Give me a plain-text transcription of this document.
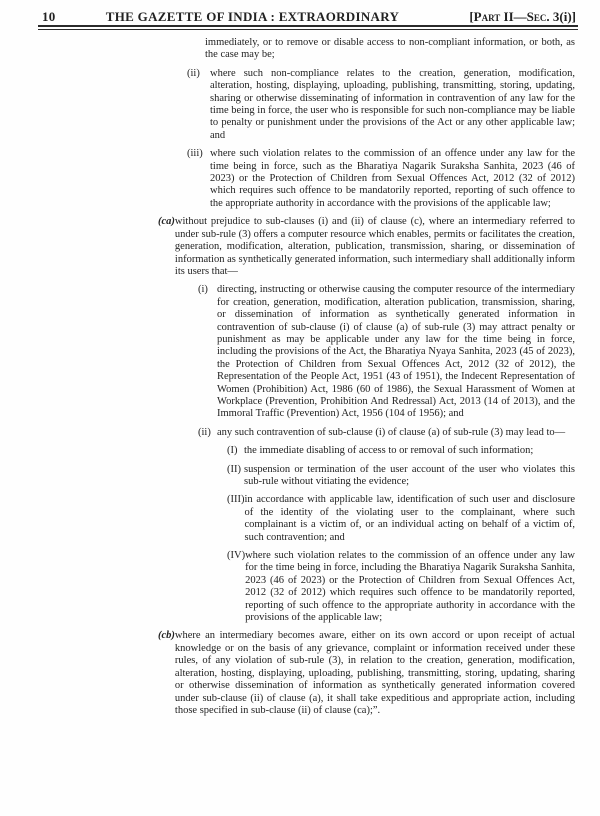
10	THE GAZETTE OF INDIA : EXTRAORDINARY	[Part II—Sec. 3(i)]
immediately, or to remove or disable access to non-compliant information, or both, as the case may be;
(ii) where such non-compliance relates to the creation, generation, modification, alteration, hosting, displaying, uploading, publishing, transmitting, storing, updating, sharing or otherwise disseminating of information in contravention of any law for the time being in force, the user who is responsible for such non-compliance may be liable to penalty or punishment under the provisions of the Act or any other applicable law; and
(iii) where such violation relates to the commission of an offence under any law for the time being in force, such as the Bharatiya Nagarik Suraksha Sanhita, 2023 (46 of 2023) or the Protection of Children from Sexual Offences Act, 2012 (32 of 2012) which requires such offence to be mandatorily reported, reporting of such offence to the appropriate authority in accordance with the provisions of the applicable law;
(ca) without prejudice to sub-clauses (i) and (ii) of clause (c), where an intermediary referred to under sub-rule (3) offers a computer resource which enables, permits or facilitates the creation, generation, modification, alteration, publication, transmission, sharing, or dissemination of information as synthetically generated information, such intermediary shall additionally inform its users that—
(i) directing, instructing or otherwise causing the computer resource of the intermediary for creation, generation, modification, alteration publication, transmission, sharing, or dissemination of information as synthetically generated information in contravention of sub-clause (i) of clause (a) of sub-rule (3) may attract penalty or punishment as may be applicable under any law for the time being in force, including the provisions of the Act, the Bharatiya Nyaya Sanhita, 2023 (45 of 2023), the Protection of Children from Sexual Offences Act, 2012 (32 of 2012), the Representation of the People Act, 1951 (43 of 1951), the Indecent Representation of Women (Prohibition) Act, 1986 (60 of 1986), the Sexual Harassment of Women at Workplace (Prevention, Prohibition And Redressal) Act, 2013 (14 of 2013), and the Immoral Traffic (Prevention) Act, 1956 (104 of 1956); and
(ii) any such contravention of sub-clause (i) of clause (a) of sub-rule (3) may lead to—
(I) the immediate disabling of access to or removal of such information;
(II) suspension or termination of the user account of the user who violates this sub-rule without vitiating the evidence;
(III) in accordance with applicable law, identification of such user and disclosure of the identity of the violating user to the complainant, where such complainant is a victim of, or an individual acting on behalf of a victim of, such contravention; and
(IV) where such violation relates to the commission of an offence under any law for the time being in force, including the Bharatiya Nagarik Suraksha Sanhita, 2023 (46 of 2023) or the Protection of Children from Sexual Offences Act, 2012 (32 of 2012) which requires such offence to be mandatorily reported, reporting of such offence to the appropriate authority in accordance with the provisions of the applicable law;
(cb) where an intermediary becomes aware, either on its own accord or upon receipt of actual knowledge or on the basis of any grievance, complaint or information received under these rules, of any violation of sub-rule (3), in relation to the creation, generation, modification, alteration, hosting, displaying, uploading, publishing, transmitting, storing, updating, sharing or otherwise dissemination of information as synthetically generated information covered under sub-clause (ii) of clause (a), it shall take expeditious and appropriate action, including those specified in sub-clause (ii) of clause (ca);”.
